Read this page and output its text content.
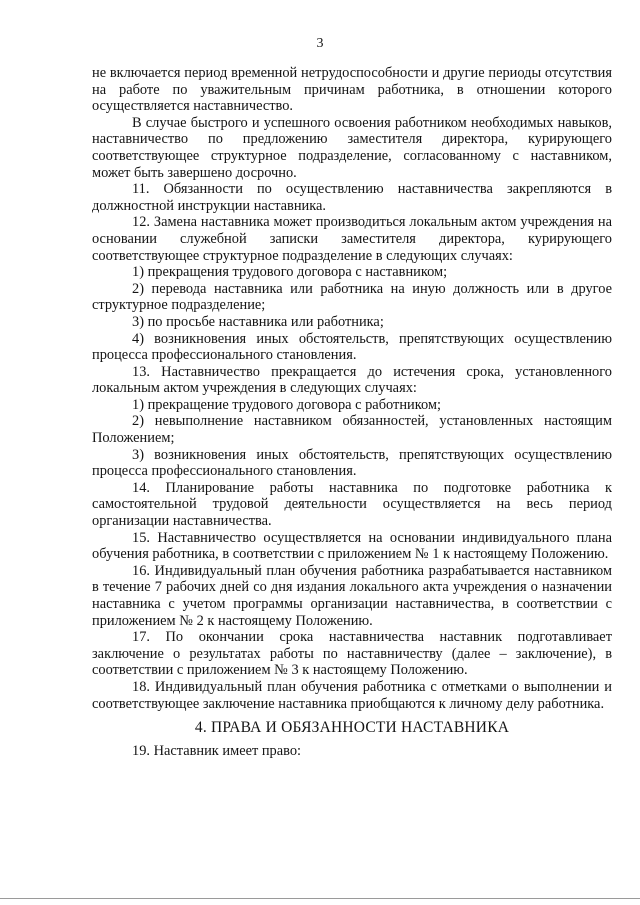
3

не включается период временной нетрудоспособности и другие периоды отсутствия на работе по уважительным причинам работника, в отношении которого осуществляется наставничество.

В случае быстрого и успешного освоения работником необходимых навыков, наставничество по предложению заместителя директора, курирующего соответствующее структурное подразделение, согласованному с наставником, может быть завершено досрочно.

11. Обязанности по осуществлению наставничества закрепляются в должностной инструкции наставника.

12. Замена наставника может производиться локальным актом учреждения на основании служебной записки заместителя директора, курирующего соответствующее структурное подразделение в следующих случаях:

1) прекращения трудового договора с наставником;

2) перевода наставника или работника на иную должность или в другое структурное подразделение;

3) по просьбе наставника или работника;

4) возникновения иных обстоятельств, препятствующих осуществлению процесса профессионального становления.

13. Наставничество прекращается до истечения срока, установленного локальным актом учреждения в следующих случаях:

1) прекращение трудового договора с работником;

2) невыполнение наставником обязанностей, установленных настоящим Положением;

3) возникновения иных обстоятельств, препятствующих осуществлению процесса профессионального становления.

14. Планирование работы наставника по подготовке работника к самостоятельной трудовой деятельности осуществляется на весь период организации наставничества.

15. Наставничество осуществляется на основании индивидуального плана обучения работника, в соответствии с приложением № 1 к настоящему Положению.

16. Индивидуальный план обучения работника разрабатывается наставником в течение 7 рабочих дней со дня издания локального акта учреждения о назначении наставника с учетом программы организации наставничества, в соответствии с приложением № 2 к настоящему Положению.

17. По окончании срока наставничества наставник подготавливает заключение о результатах работы по наставничеству (далее – заключение), в соответствии с приложением № 3 к настоящему Положению.

18. Индивидуальный план обучения работника с отметками о выполнении и соответствующее заключение наставника приобщаются к личному делу работника.

4. ПРАВА И ОБЯЗАННОСТИ НАСТАВНИКА

19. Наставник имеет право:
